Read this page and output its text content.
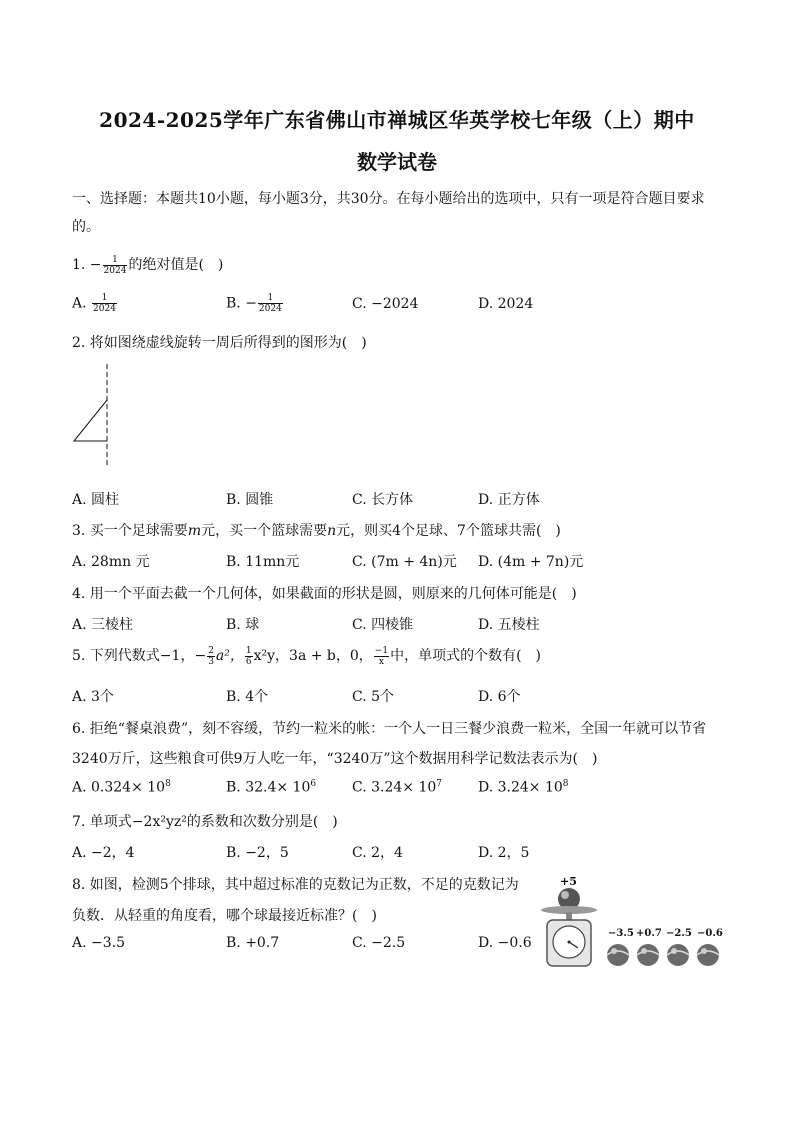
2024-2025学年广东省佛山市禅城区华英学校七年级（上）期中
数学试卷
一、选择题：本题共10小题，每小题3分，共30分。在每小题给出的选项中，只有一项是符合题目要求
的。
1. − $\frac{1}{2024}$ 的绝对值是(　)
A. $\frac{1}{2024}$	B. − $\frac{1}{2024}$	C. −2024	D. 2024
2. 将如图绕虚线旋转一周后所得到的图形为(　)
A. 圆柱	B. 圆锥	C. 长方体	D. 正方体
3. 买一个足球需要m元，买一个篮球需要n元，则买4个足球、7个篮球共需(　)
A. 28mn 元	B. 11mn元	C. (7m + 4n)元 D. (4m + 7n)元
4. 用一个平面去截一个几何体，如果截面的形状是圆，则原来的几何体可能是(　)
A. 三棱柱	B. 球	C. 四棱锥	D. 五棱柱
5. 下列代数式−1，− $\frac{2}{3} a^2$， $\frac{1}{6} x^2y$，3a + b，0， $\frac{-1}{x}$ 中，单项式的个数有(　)
A. 3个	B. 4个	C. 5个	D. 6个
6. 拒绝“餐桌浪费”，刻不容缓，节约一粒米的帐：一个人一日三餐少浪费一粒米，全国一年就可以节省
3240万斤，这些粮食可供9万人吃一年，“3240万”这个数据用科学记数法表示为(　)
A. $0.324\times 10^8$	B. $32.4\times 10^6$	C. $3.24\times 10^7$	D. $3.24\times 10^8$
7. 单项式−2x²yz²的系数和次数分别是(　)
A. −2，4	B. −2，5	C. 2，4	D. 2，5
8. 如图，检测5个排球，其中超过标准的克数记为正数，不足的克数记为
负数．从轻重的角度看，哪个球最接近标准？(　)
A. −3.5	B. +0.7	C. −2.5	D. −0.6
+5
−3.5 +0.7 −2.5 −0.6
